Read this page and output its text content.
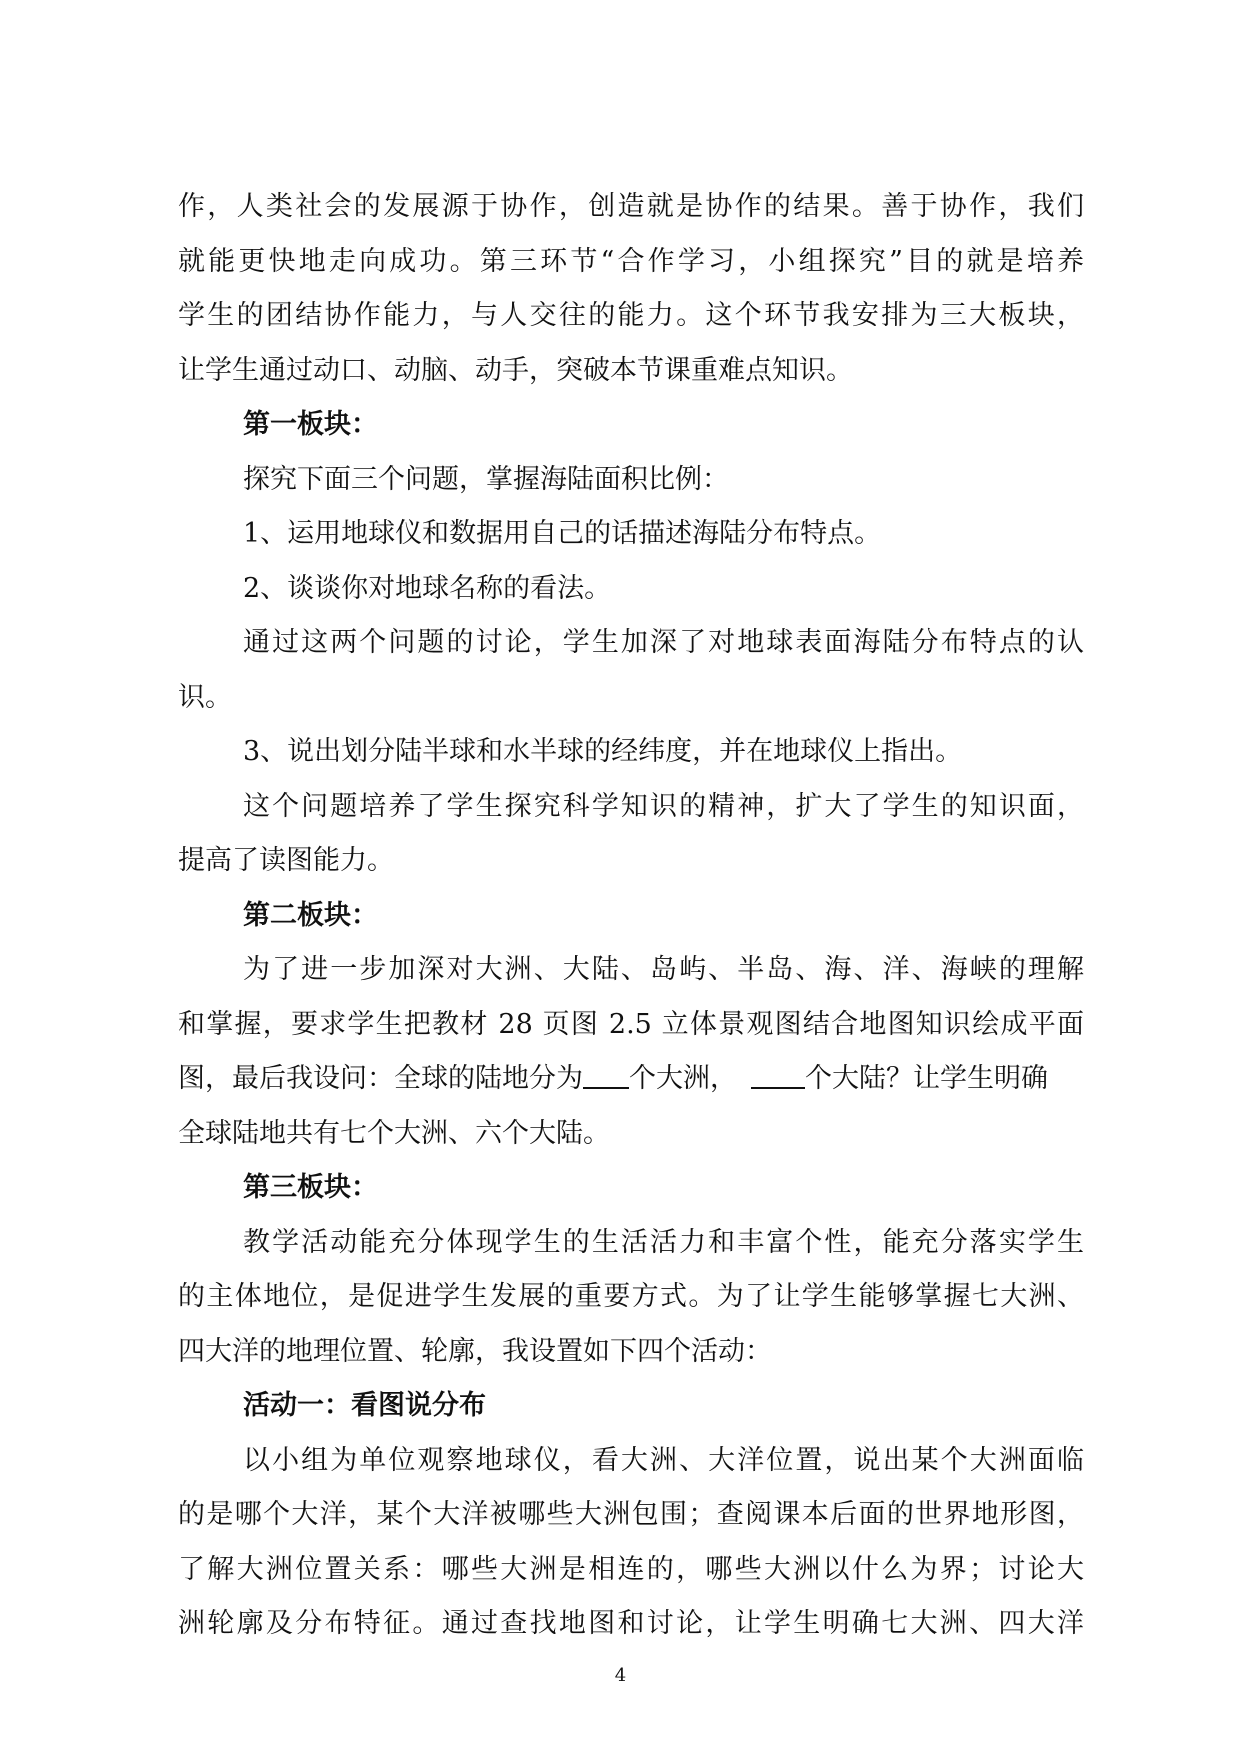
作，人类社会的发展源于协作，创造就是协作的结果。善于协作，我们
就能更快地走向成功。第三环节“合作学习，小组探究”目的就是培养
学生的团结协作能力，与人交往的能力。这个环节我安排为三大板块，
让学生通过动口、动脑、动手，突破本节课重难点知识。
第一板块：
探究下面三个问题，掌握海陆面积比例：
1、运用地球仪和数据用自己的话描述海陆分布特点。
2、谈谈你对地球名称的看法。
通过这两个问题的讨论，学生加深了对地球表面海陆分布特点的认
识。
3、说出划分陆半球和水半球的经纬度，并在地球仪上指出。
这个问题培养了学生探究科学知识的精神，扩大了学生的知识面，
提高了读图能力。
第二板块：
为了进一步加深对大洲、大陆、岛屿、半岛、海、洋、海峡的理解
和掌握，要求学生把教材 28 页图 2.5 立体景观图结合地图知识绘成平面
图，最后我设问：全球的陆地分为 个大洲，	个大陆？让学生明确
全球陆地共有七个大洲、六个大陆。
第三板块：
教学活动能充分体现学生的生活活力和丰富个性，能充分落实学生
的主体地位，是促进学生发展的重要方式。为了让学生能够掌握七大洲、
四大洋的地理位置、轮廓，我设置如下四个活动：
活动一：看图说分布
以小组为单位观察地球仪，看大洲、大洋位置，说出某个大洲面临
的是哪个大洋，某个大洋被哪些大洲包围；查阅课本后面的世界地形图，
了解大洲位置关系：哪些大洲是相连的，哪些大洲以什么为界；讨论大
洲轮廓及分布特征。通过查找地图和讨论，让学生明确七大洲、四大洋
4
